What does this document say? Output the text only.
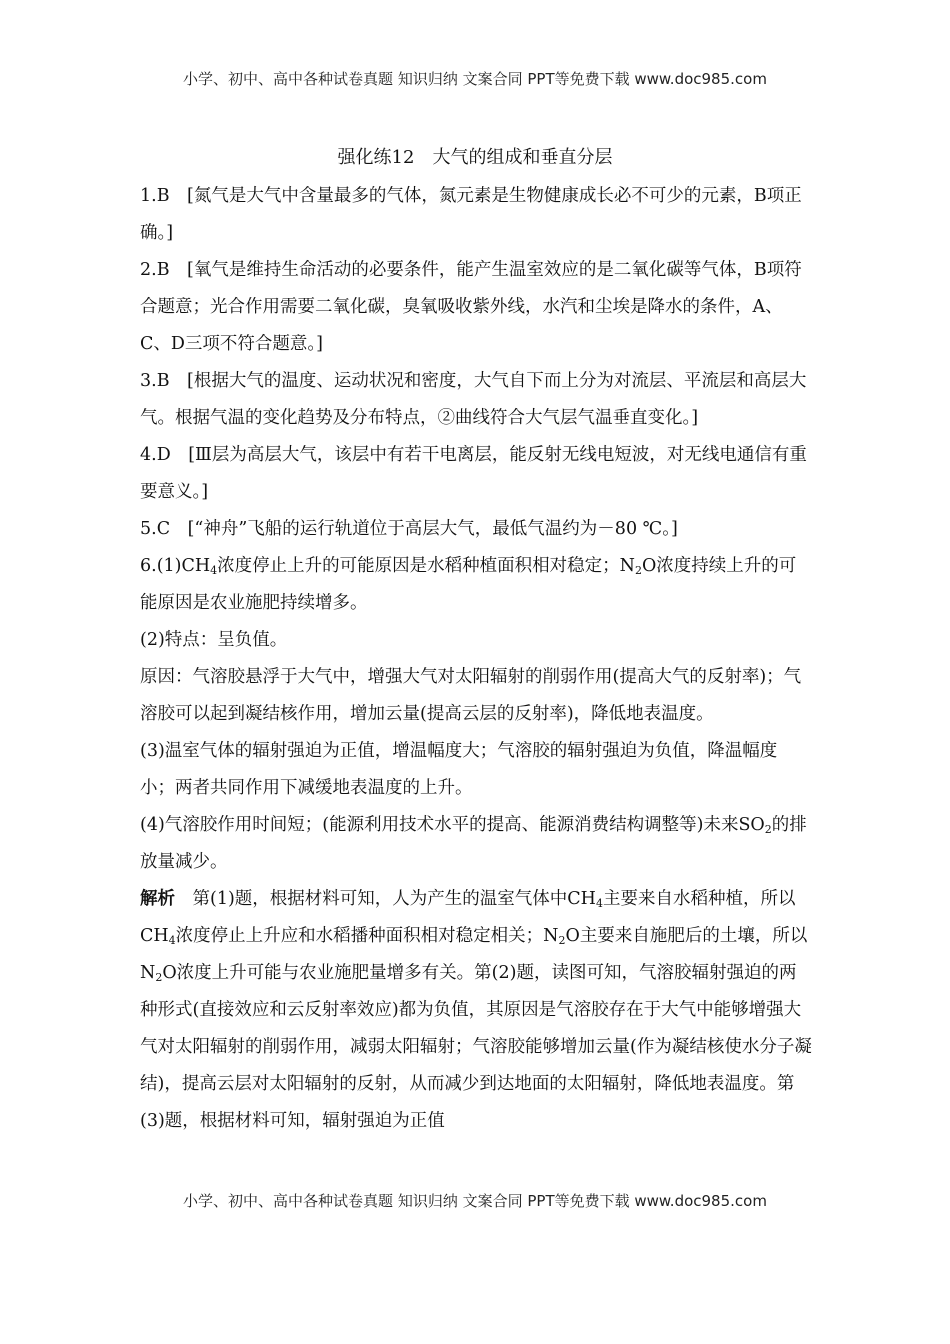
小学、初中、高中各种试卷真题 知识归纳 文案合同 PPT等免费下载 www.doc985.com
强化练12　大气的组成和垂直分层

1.B　[氮气是大气中含量最多的气体，氮元素是生物健康成长必不可少的元素，B项正确。]

2.B　[氧气是维持生命活动的必要条件，能产生温室效应的是二氧化碳等气体，B项符合题意；光合作用需要二氧化碳，臭氧吸收紫外线，水汽和尘埃是降水的条件，A、C、D三项不符合题意。]

3.B　[根据大气的温度、运动状况和密度，大气自下而上分为对流层、平流层和高层大气。根据气温的变化趋势及分布特点，②曲线符合大气层气温垂直变化。]

4.D　[Ⅲ层为高层大气，该层中有若干电离层，能反射无线电短波，对无线电通信有重要意义。]

5.C　[“神舟”飞船的运行轨道位于高层大气，最低气温约为－80 ℃。]

$6.(1)CH_4$浓度停止上升的可能原因是水稻种植面积相对稳定；$N_2O$浓度持续上升的可能原因是农业施肥持续增多。

(2)特点：呈负值。

原因：气溶胶悬浮于大气中，增强大气对太阳辐射的削弱作用(提高大气的反射率)；气溶胶可以起到凝结核作用，增加云量(提高云层的反射率)，降低地表温度。

(3)温室气体的辐射强迫为正值，增温幅度大；气溶胶的辐射强迫为负值，降温幅度小；两者共同作用下减缓地表温度的上升。

(4)气溶胶作用时间短；(能源利用技术水平的提高、能源消费结构调整等)未来$SO_2$的排放量减少。

解析　第(1)题，根据材料可知，人为产生的温室气体中$CH_4$主要来自水稻种植，所以$CH_4$浓度停止上升应和水稻播种面积相对稳定相关；$N_2O$主要来自施肥后的土壤，所以$N_2O$浓度上升可能与农业施肥量增多有关。第(2)题，读图可知，气溶胶辐射强迫的两种形式(直接效应和云反射率效应)都为负值，其原因是气溶胶存在于大气中能够增强大气对太阳辐射的削弱作用，减弱太阳辐射；气溶胶能够增加云量(作为凝结核使水分子凝结)，提高云层对太阳辐射的反射，从而减少到达地面的太阳辐射，降低地表温度。第(3)题，根据材料可知，辐射强迫为正值

小学、初中、高中各种试卷真题 知识归纳 文案合同 PPT等免费下载 www.doc985.com
